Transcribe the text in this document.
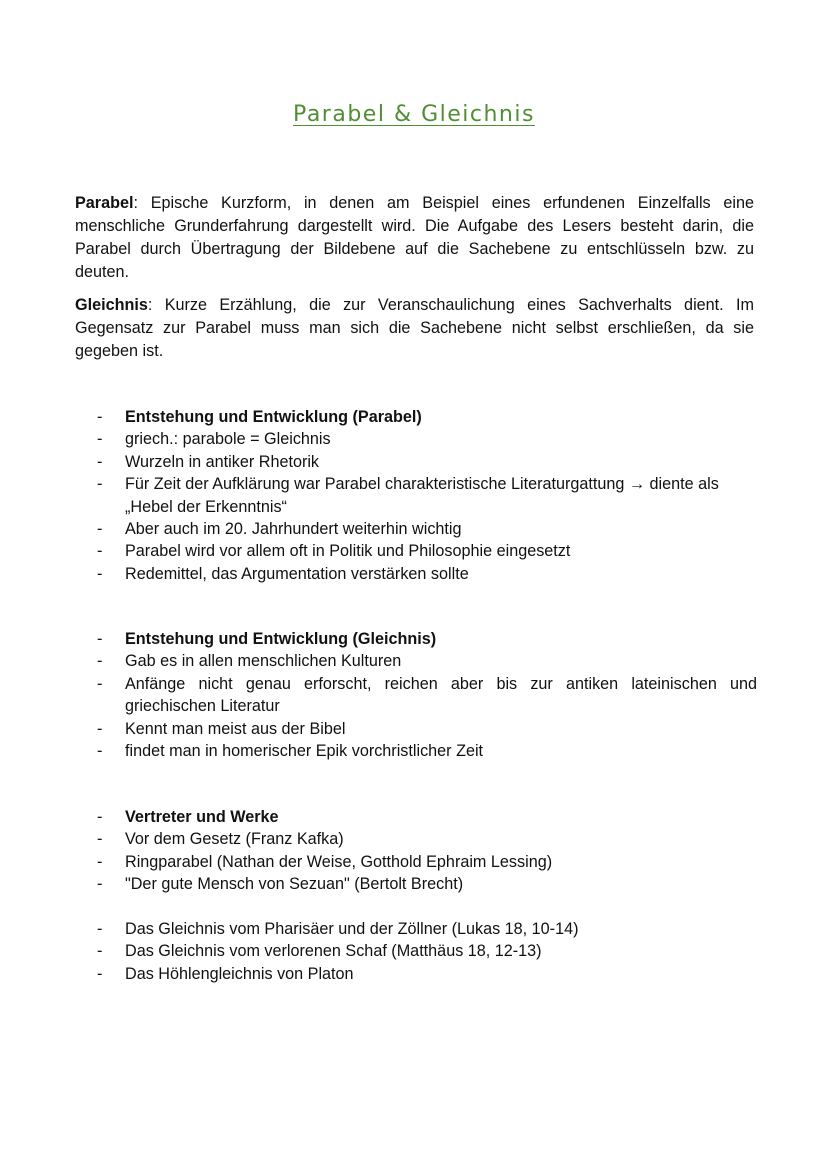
Parabel & Gleichnis

Parabel: Epische Kurzform, in denen am Beispiel eines erfundenen Einzelfalls eine menschliche Grunderfahrung dargestellt wird. Die Aufgabe des Lesers besteht darin, die Parabel durch Übertragung der Bildebene auf die Sachebene zu entschlüsseln bzw. zu deuten.

Gleichnis: Kurze Erzählung, die zur Veranschaulichung eines Sachverhalts dient. Im Gegensatz zur Parabel muss man sich die Sachebene nicht selbst erschließen, da sie gegeben ist.

- Entstehung und Entwicklung (Parabel)
- griech.: parabole = Gleichnis
- Wurzeln in antiker Rhetorik
- Für Zeit der Aufklärung war Parabel charakteristische Literaturgattung → diente als „Hebel der Erkenntnis“
- Aber auch im 20. Jahrhundert weiterhin wichtig
- Parabel wird vor allem oft in Politik und Philosophie eingesetzt
- Redemittel, das Argumentation verstärken sollte
- Entstehung und Entwicklung (Gleichnis)
- Gab es in allen menschlichen Kulturen
- Anfänge nicht genau erforscht, reichen aber bis zur antiken lateinischen und griechischen Literatur
- Kennt man meist aus der Bibel
- findet man in homerischer Epik vorchristlicher Zeit
- Vertreter und Werke
- Vor dem Gesetz (Franz Kafka)
- Ringparabel (Nathan der Weise, Gotthold Ephraim Lessing)
- "Der gute Mensch von Sezuan" (Bertolt Brecht)
- Das Gleichnis vom Pharisäer und der Zöllner (Lukas 18, 10-14)
- Das Gleichnis vom verlorenen Schaf (Matthäus 18, 12-13)
- Das Höhlengleichnis von Platon
